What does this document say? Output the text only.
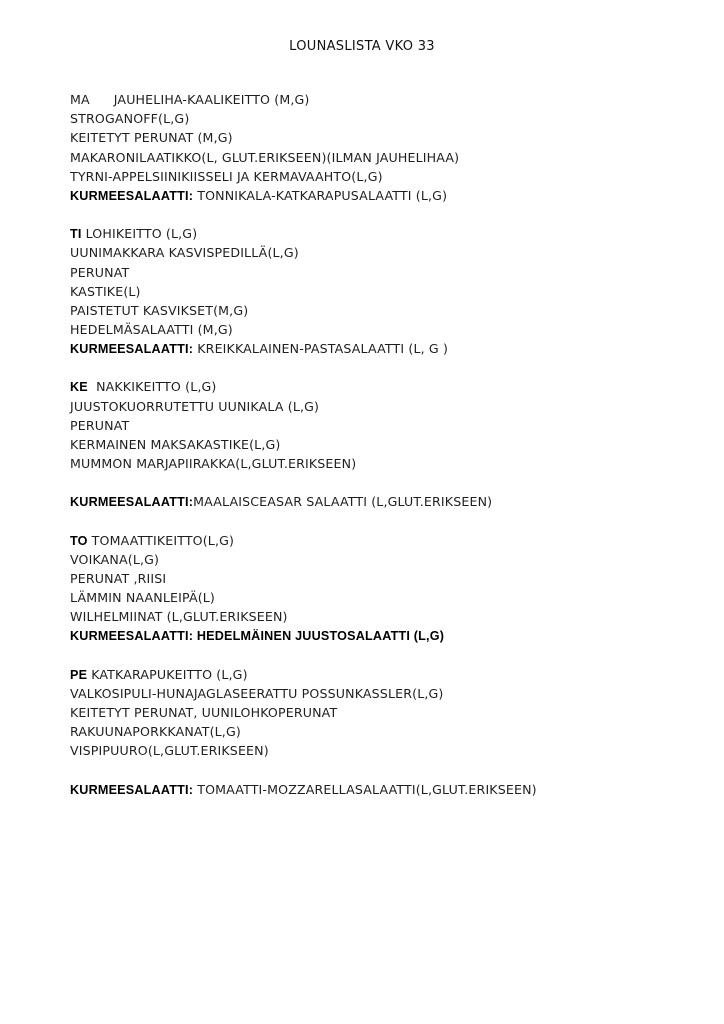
LOUNASLISTA VKO 33
MA JAUHELIHA-KAALIKEITTO (M,G)
STROGANOFF(L,G)
KEITETYT PERUNAT (M,G)
MAKARONILAATIKKO(L, GLUT.ERIKSEEN)(ILMAN JAUHELIHAA)
TYRNI-APPELSIINIKIISSELI JA KERMAVAAHTO(L,G)
KURMEESALAATTI: TONNIKALA-KATKARAPUSALAATTI (L,G)
TI LOHIKEITTO (L,G)
UUNIMAKKARA KASVISPEDILLÄ(L,G)
PERUNAT
KASTIKE(L)
PAISTETUT KASVIKSET(M,G)
HEDELMÄSALAATTI (M,G)
KURMEESALAATTI: KREIKKALAINEN-PASTASALAATTI (L, G )
KE NAKKIKEITTO (L,G)
JUUSTOKUORRUTETTU UUNIKALA (L,G)
PERUNAT
KERMAINEN MAKSAKASTIKE(L,G)
MUMMON MARJAPIIRAKKA(L,GLUT.ERIKSEEN)
KURMEESALAATTI:MAALAISCEASAR SALAATTI (L,GLUT.ERIKSEEN)
TO TOMAATTIKEITTO(L,G)
VOIKANA(L,G)
PERUNAT ,RIISI
LÄMMIN NAANLEIPÄ(L)
WILHELMIINAT (L,GLUT.ERIKSEEN)
KURMEESALAATTI: HEDELMÄINEN JUUSTOSALAATTI (L,G)
PE KATKARAPUKEITTO (L,G)
VALKOSIPULI-HUNAJAGLASEERATTU POSSUNKASSLER(L,G)
KEITETYT PERUNAT, UUNILOHKOPERUNAT
RAKUUNAPORKKANAT(L,G)
VISPIPUURO(L,GLUT.ERIKSEEN)
KURMEESALAATTI: TOMAATTI-MOZZARELLASALAATTI(L,GLUT.ERIKSEEN)
